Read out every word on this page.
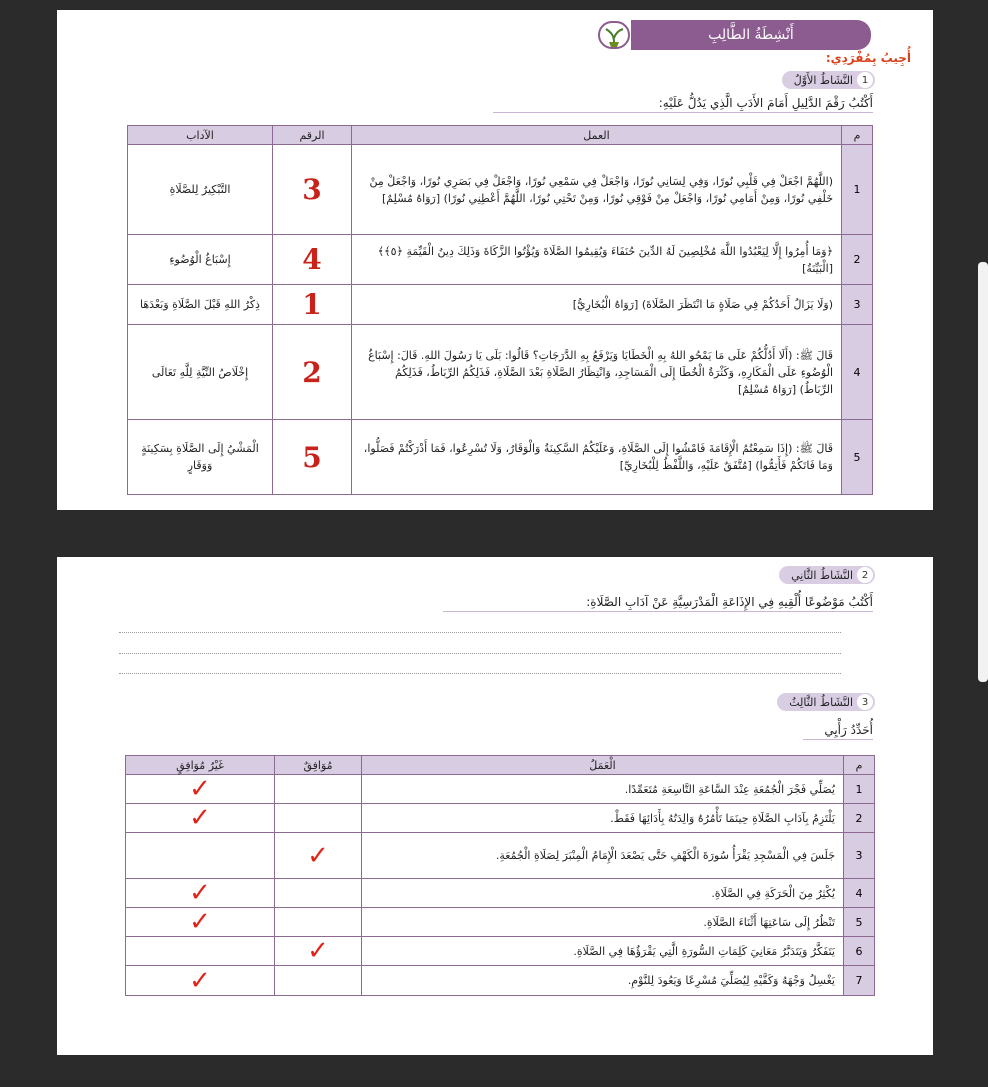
أَنْشِطَةُ الطَّالِبِ
أُجِيبُ بِمُفْرَدِي:
1
النَّشَاطُ الأَوَّلُ
أَكْتُبُ رَقْمَ الدَّلِيلِ أَمَامَ الأَدَبِ الَّذِي يَدُلُّ عَلَيْهِ:
م	العمل	الرقم	الآداب
1	(اللَّهُمَّ اجْعَلْ فِي قَلْبِي نُورًا، وَفِي لِسَانِي نُورًا، وَاجْعَلْ فِي سَمْعِي نُورًا، وَاجْعَلْ فِي بَصَرِي نُورًا، وَاجْعَلْ مِنْ خَلْفِي نُورًا، وَمِنْ أَمَامِي نُورًا، وَاجْعَلْ مِنْ فَوْقِي نُورًا، وَمِنْ تَحْتِي نُورًا، اللَّهُمَّ أَعْطِنِي نُورًا) [رَوَاهُ مُسْلِمٌ]	3	التَّبْكِيرُ لِلصَّلَاةِ
2	﴿وَمَا أُمِرُوا إِلَّا لِيَعْبُدُوا اللَّهَ مُخْلِصِينَ لَهُ الدِّينَ حُنَفَاءَ وَيُقِيمُوا الصَّلَاةَ وَيُؤْتُوا الزَّكَاةَ وَذَلِكَ دِينُ الْقَيِّمَةِ ﴿٥﴾﴾ [الْبَيِّنَةُ]	4	إِسْبَاغُ الْوُضُوءِ
3	(وَلَا يَزَالُ أَحَدُكُمْ فِي صَلَاةٍ مَا انْتَظَرَ الصَّلَاةَ) [رَوَاهُ الْبُخَارِيُّ]	1	ذِكْرُ اللهِ قَبْلَ الصَّلَاةِ وَبَعْدَهَا
4	قَالَ ﷺ: (أَلَا أَدُلُّكُمْ عَلَى مَا يَمْحُو اللهُ بِهِ الْخَطَايَا وَيَرْفَعُ بِهِ الدَّرَجَاتِ؟ قَالُوا: بَلَى يَا رَسُولَ اللهِ. قَالَ: إِسْبَاغُ الْوُضُوءِ عَلَى الْمَكَارِهِ، وَكَثْرَةُ الْخُطَا إِلَى الْمَسَاجِدِ، وَانْتِظَارُ الصَّلَاةِ بَعْدَ الصَّلَاةِ، فَذَلِكُمُ الرِّبَاطُ، فَذَلِكُمُ الرِّبَاطُ) [رَوَاهُ مُسْلِمٌ]	2	إِخْلَاصُ النِّيَّةِ لِلَّهِ تَعَالَى
5	قَالَ ﷺ: (إِذَا سَمِعْتُمُ الْإِقَامَةَ فَامْشُوا إِلَى الصَّلَاةِ، وَعَلَيْكُمُ السَّكِينَةُ وَالْوَقَارُ، وَلَا تُسْرِعُوا، فَمَا أَدْرَكْتُمْ فَصَلُّوا، وَمَا فَاتَكُمْ فَأَتِمُّوا) [مُتَّفَقٌ عَلَيْهِ، وَاللَّفْظُ لِلْبُخَارِيِّ]	5	الْمَشْيُ إِلَى الصَّلَاةِ بِسَكِينَةٍ وَوَقَارٍ
2
النَّشَاطُ الثَّانِي
أَكْتُبُ مَوْضُوعًا أُلْقِيهِ فِي الإِذَاعَةِ الْمَدْرَسِيَّةِ عَنْ آدَابِ الصَّلَاةِ:
3
النَّشَاطُ الثَّالِثُ
أُحَدِّدُ رَأْيِي
م	الْعَمَلُ	مُوَافِقٌ	غَيْرُ مُوَافِقٍ
1	يُصَلِّي فَجْرَ الْجُمُعَةِ عِنْدَ السَّاعَةِ التَّاسِعَةِ مُتَعَمِّدًا.		✓
2	يَلْتَزِمُ بِآدَابِ الصَّلَاةِ حِينَمَا تَأْمُرُهُ وَالِدَتُهُ بِأَدَائِهَا فَقَطْ.		✓
3	جَلَسَ فِي الْمَسْجِدِ يَقْرَأُ سُورَةَ الْكَهْفِ حَتَّى يَصْعَدَ الْإِمَامُ الْمِنْبَرَ لِصَلَاةِ الْجُمُعَةِ.	✓	
4	يُكْثِرُ مِنَ الْحَرَكَةِ فِي الصَّلَاةِ.		✓
5	تَنْظُرُ إِلَى سَاعَتِهَا أَثْنَاءَ الصَّلَاةِ.		✓
6	يَتَفَكَّرُ وَيَتَدَبَّرُ مَعَانِيَ كَلِمَاتِ السُّورَةِ الَّتِي يَقْرَؤُهَا فِي الصَّلَاةِ.	✓	
7	يَغْسِلُ وَجْهَهُ وَكَفَّيْهِ لِيُصَلِّيَ مُسْرِعًا وَيَعُودَ لِلنَّوْمِ.		✓
